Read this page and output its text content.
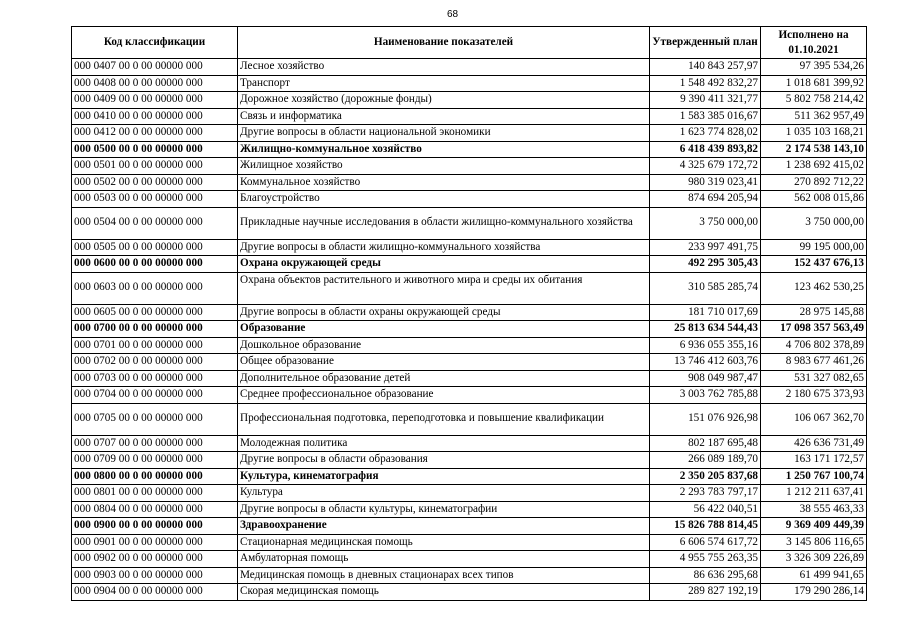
68
Код классификации	Наименование показателей	Утвержденный план	Исполнено на 01.10.2021
000 0407 00 0 00 00000 000	Лесное хозяйство	140 843 257,97	97 395 534,26
000 0408 00 0 00 00000 000	Транспорт	1 548 492 832,27	1 018 681 399,92
000 0409 00 0 00 00000 000	Дорожное хозяйство (дорожные фонды)	9 390 411 321,77	5 802 758 214,42
000 0410 00 0 00 00000 000	Связь и информатика	1 583 385 016,67	511 362 957,49
000 0412 00 0 00 00000 000	Другие вопросы в области национальной экономики	1 623 774 828,02	1 035 103 168,21
000 0500 00 0 00 00000 000	Жилищно-коммунальное хозяйство	6 418 439 893,82	2 174 538 143,10
000 0501 00 0 00 00000 000	Жилищное хозяйство	4 325 679 172,72	1 238 692 415,02
000 0502 00 0 00 00000 000	Коммунальное хозяйство	980 319 023,41	270 892 712,22
000 0503 00 0 00 00000 000	Благоустройство	874 694 205,94	562 008 015,86
000 0504 00 0 00 00000 000	Прикладные научные исследования в области жилищно-коммунального хозяйства	3 750 000,00	3 750 000,00
000 0505 00 0 00 00000 000	Другие вопросы в области жилищно-коммунального хозяйства	233 997 491,75	99 195 000,00
000 0600 00 0 00 00000 000	Охрана окружающей среды	492 295 305,43	152 437 676,13
000 0603 00 0 00 00000 000	Охрана объектов растительного и животного мира и среды их обитания	310 585 285,74	123 462 530,25
000 0605 00 0 00 00000 000	Другие вопросы в области охраны окружающей среды	181 710 017,69	28 975 145,88
000 0700 00 0 00 00000 000	Образование	25 813 634 544,43	17 098 357 563,49
000 0701 00 0 00 00000 000	Дошкольное образование	6 936 055 355,16	4 706 802 378,89
000 0702 00 0 00 00000 000	Общее образование	13 746 412 603,76	8 983 677 461,26
000 0703 00 0 00 00000 000	Дополнительное образование детей	908 049 987,47	531 327 082,65
000 0704 00 0 00 00000 000	Среднее профессиональное образование	3 003 762 785,88	2 180 675 373,93
000 0705 00 0 00 00000 000	Профессиональная подготовка, переподготовка и повышение квалификации	151 076 926,98	106 067 362,70
000 0707 00 0 00 00000 000	Молодежная политика	802 187 695,48	426 636 731,49
000 0709 00 0 00 00000 000	Другие вопросы в области образования	266 089 189,70	163 171 172,57
000 0800 00 0 00 00000 000	Культура, кинематография	2 350 205 837,68	1 250 767 100,74
000 0801 00 0 00 00000 000	Культура	2 293 783 797,17	1 212 211 637,41
000 0804 00 0 00 00000 000	Другие вопросы в области культуры, кинематографии	56 422 040,51	38 555 463,33
000 0900 00 0 00 00000 000	Здравоохранение	15 826 788 814,45	9 369 409 449,39
000 0901 00 0 00 00000 000	Стационарная медицинская помощь	6 606 574 617,72	3 145 806 116,65
000 0902 00 0 00 00000 000	Амбулаторная помощь	4 955 755 263,35	3 326 309 226,89
000 0903 00 0 00 00000 000	Медицинская помощь в дневных стационарах всех типов	86 636 295,68	61 499 941,65
000 0904 00 0 00 00000 000	Скорая медицинская помощь	289 827 192,19	179 290 286,14
